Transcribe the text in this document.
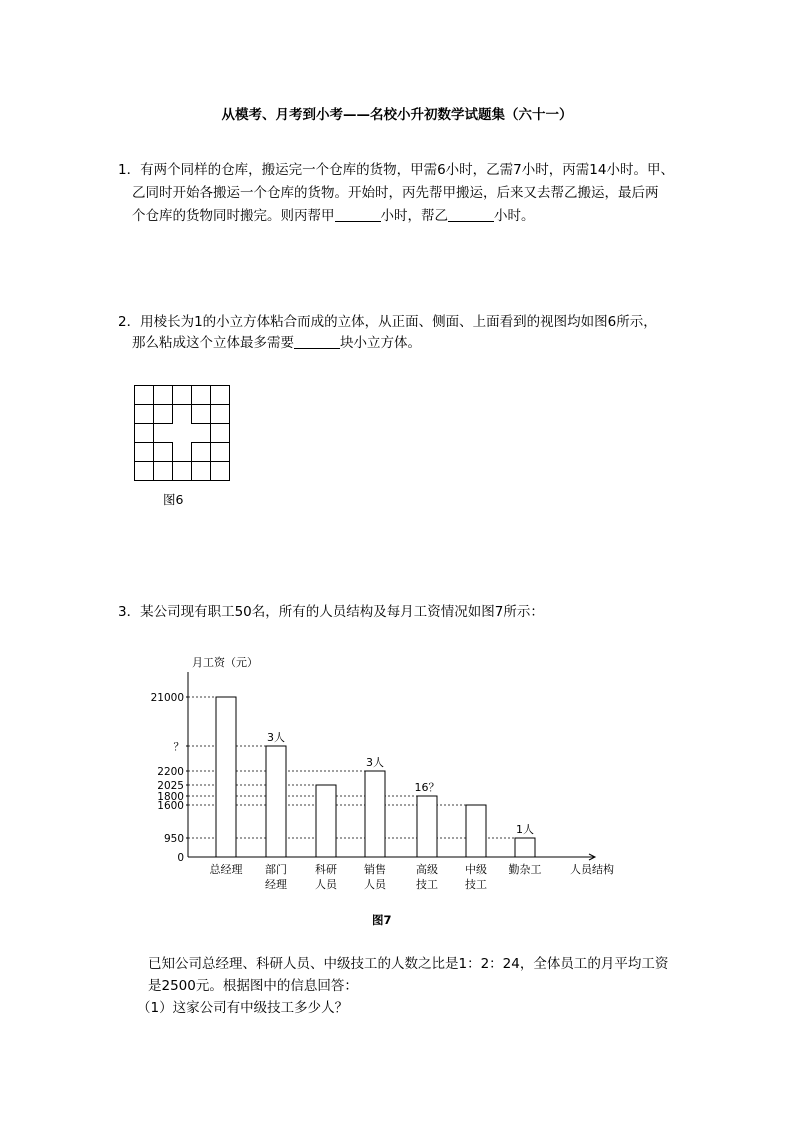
从模考、月考到小考——名校小升初数学试题集（六十一）
1．有两个同样的仓库，搬运完一个仓库的货物，甲需6小时，乙需7小时，丙需14小时。甲、
乙同时开始各搬运一个仓库的货物。开始时，丙先帮甲搬运，后来又去帮乙搬运，最后两
个仓库的货物同时搬完。则丙帮甲	小时，帮乙	小时。
2．用棱长为1的小立方体粘合而成的立体，从正面、侧面、上面看到的视图均如图6所示，
那么粘成这个立体最多需要	块小立方体。
图6
3．某公司现有职工50名，所有的人员结构及每月工资情况如图7所示：
月工资（元）
0
950
1600
1800
2025
2200
？
21000
总经理
3人
部门
经理
科研
人员
3人
销售
人员
16？
高级
技工
中级
技工
1人
勤杂工	人员结构
图7
已知公司总经理、科研人员、中级技工的人数之比是1：2：24，全体员工的月平均工资
是2500元。根据图中的信息回答：
（1）这家公司有中级技工多少人？
